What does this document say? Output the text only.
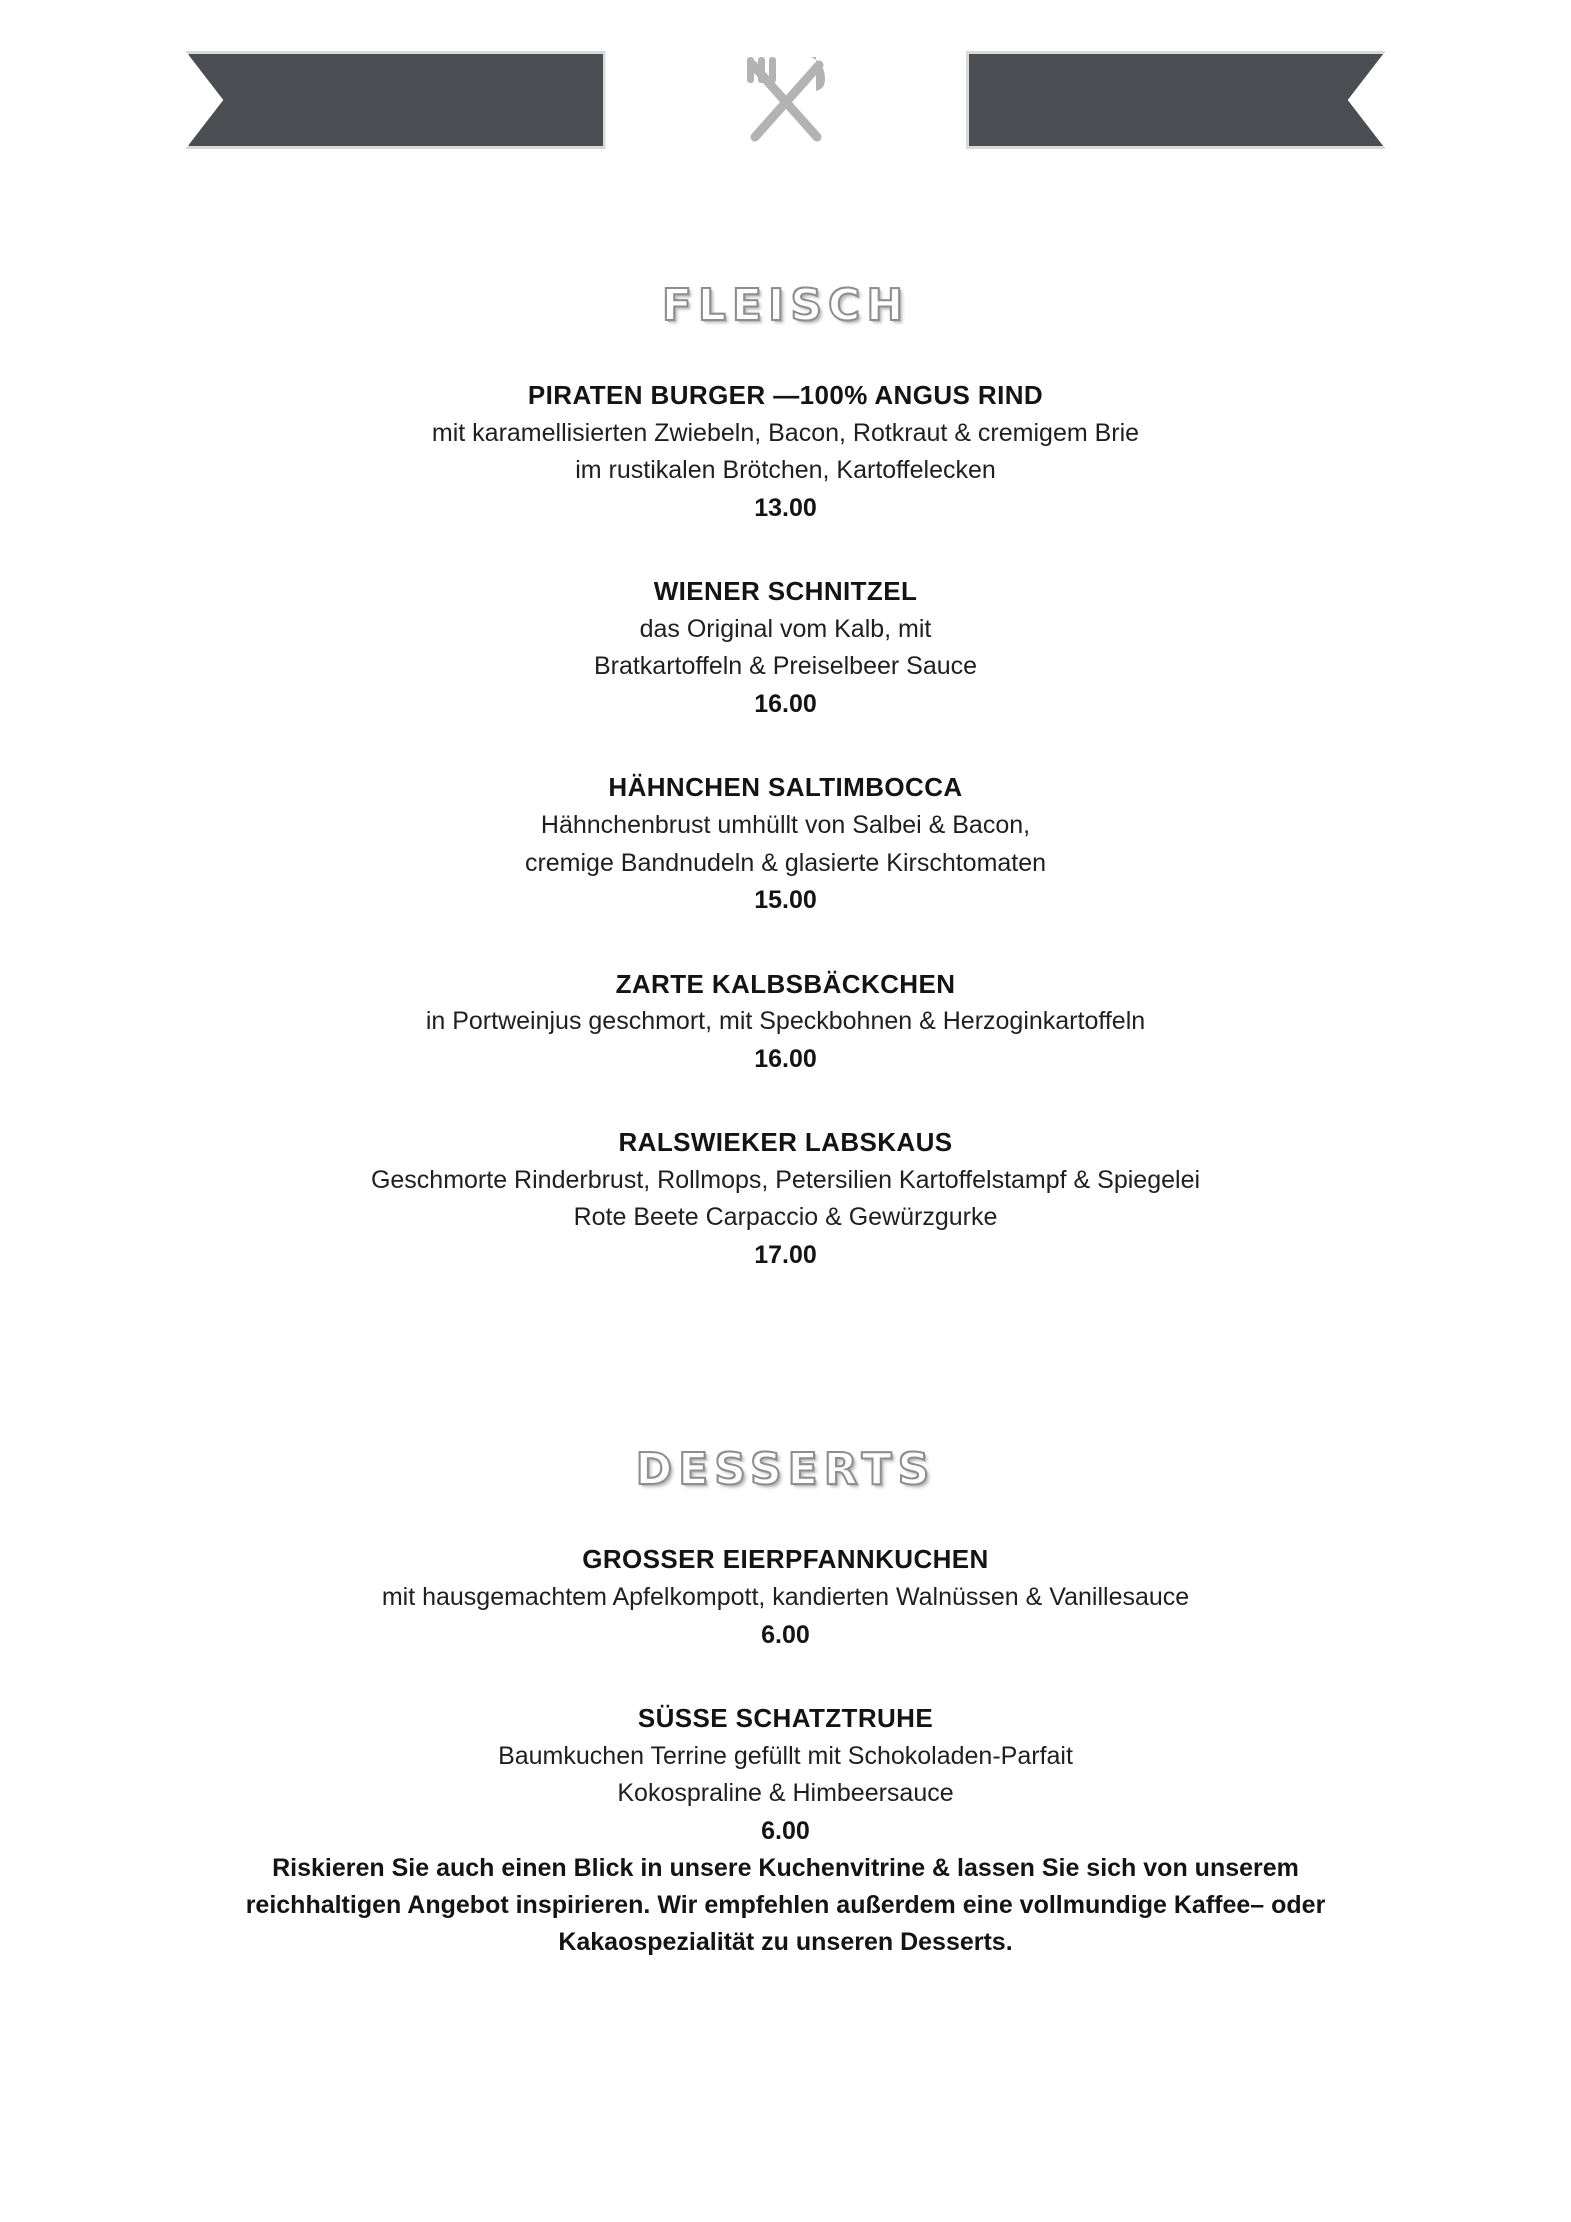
FLEISCH
PIRATEN BURGER —100% ANGUS RIND
mit karamellisierten Zwiebeln, Bacon, Rotkraut & cremigem Brie
im rustikalen Brötchen, Kartoffelecken
13.00
WIENER SCHNITZEL
das Original vom Kalb, mit
Bratkartoffeln & Preiselbeer Sauce
16.00
HÄHNCHEN SALTIMBOCCA
Hähnchenbrust umhüllt von Salbei & Bacon,
cremige Bandnudeln & glasierte Kirschtomaten
15.00
ZARTE KALBSBÄCKCHEN
in Portweinjus geschmort, mit Speckbohnen & Herzoginkartoffeln
16.00
RALSWIEKER LABSKAUS
Geschmorte Rinderbrust, Rollmops, Petersilien Kartoffelstampf & Spiegelei
Rote Beete Carpaccio & Gewürzgurke
17.00
DESSERTS
GROSSER EIERPFANNKUCHEN
mit hausgemachtem Apfelkompott, kandierten Walnüssen & Vanillesauce
6.00
SÜSSE SCHATZTRUHE
Baumkuchen Terrine gefüllt mit Schokoladen-Parfait
Kokospraline & Himbeersauce
6.00
Riskieren Sie auch einen Blick in unsere Kuchenvitrine & lassen Sie sich von unserem
reichhaltigen Angebot inspirieren. Wir empfehlen außerdem eine vollmundige Kaffee– oder
Kakaospezialität zu unseren Desserts.
